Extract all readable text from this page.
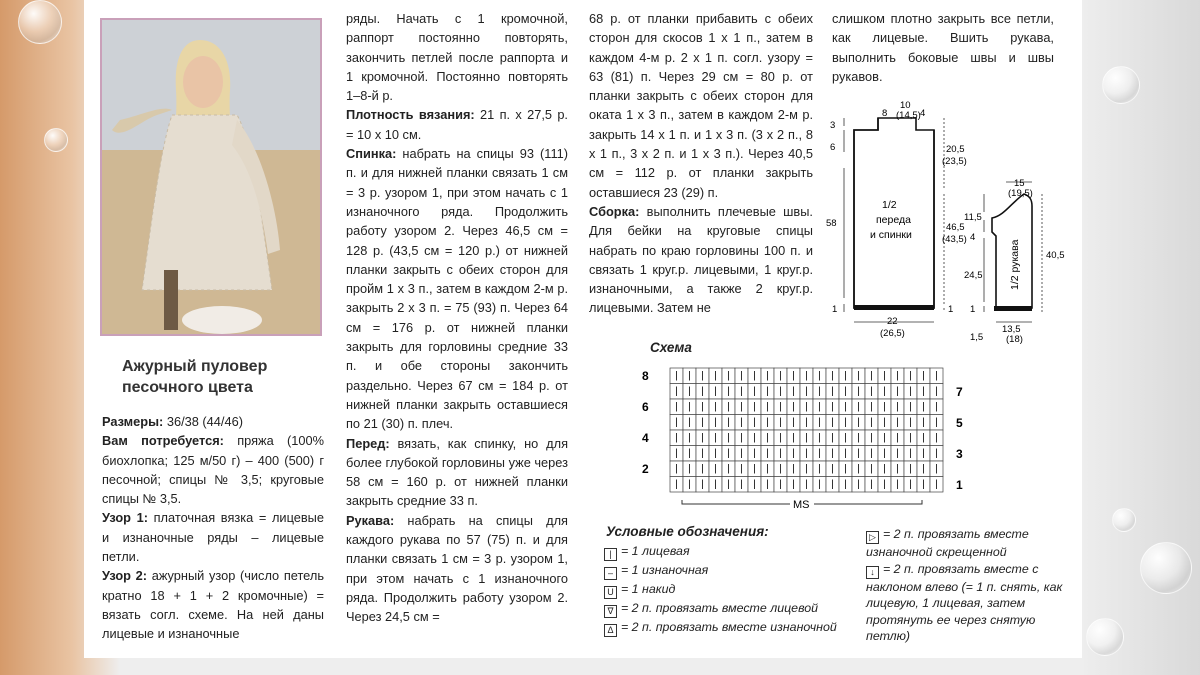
Ажурный пуловер
песочного цвета

Размеры: 36/38 (44/46)

Вам потребуется: пряжа (100% биохлопка; 125 м/50 г) – 400 (500) г песочной; спицы № 3,5; круговые спицы № 3,5.

Узор 1: платочная вязка = лицевые и изнаночные ряды – лицевые петли.

Узор 2: ажурный узор (число петель кратно 18 + 1 + 2 кромочные) = вязать согл. схеме. На ней даны лицевые и изнаночные

ряды. Начать с 1 кромочной, раппорт постоянно повторять, закончить петлей после раппорта и 1 кромочной. Постоянно повторять 1–8-й р.

Плотность вязания: 21 п. х 27,5 р. = 10 х 10 см.

Спинка: набрать на спицы 93 (111) п. и для нижней планки связать 1 см = 3 р. узором 1, при этом начать с 1 изнаночного ряда. Продолжить работу узором 2. Через 46,5 см = 128 р. (43,5 см = 120 р.) от нижней планки закрыть с обеих сторон для пройм 1 х 3 п., затем в каждом 2-м р. закрыть 2 х 3 п. = 75 (93) п. Через 64 см = 176 р. от нижней планки закрыть для горловины средние 33 п. и обе стороны закончить раздельно. Через 67 см = 184 р. от нижней планки закрыть оставшиеся по 21 (30) п. плеч.

Перед: вязать, как спинку, но для более глубокой горловины уже через 58 см = 160 р. от нижней планки закрыть средние 33 п.

Рукава: набрать на спицы для каждого рукава по 57 (75) п. и для планки связать 1 см = 3 р. узором 1, при этом начать с 1 изнаночного ряда. Продолжить работу узором 2. Через 24,5 см =

68 р. от планки прибавить с обеих сторон для скосов 1 х 1 п., затем в каждом 4-м р. 2 х 1 п. согл. узору = 63 (81) п. Через 29 см = 80 р. от планки закрыть с обеих сторон для оката 1 х 3 п., затем в каждом 2-м р. закрыть 14 х 1 п. и 1 х 3 п. (3 х 2 п., 8 х 1 п., 3 х 2 п. и 1 х 3 п.). Через 40,5 см = 112 р. от планки закрыть оставшиеся 23 (29) п.

Сборка: выполнить плечевые швы. Для бейки на круговые спицы набрать по краю горловины 100 п. и связать 1 круг.р. лицевыми, 1 круг.р. изнаночными, а также 2 круг.р. лицевыми. Затем не

слишком плотно закрыть все петли, как лицевые. Вшить рукава, выполнить боковые швы и швы рукавов.

Схема
8
6
4
2
7
5
3
1
MS
Условные обозначения:
| = 1 лицевая
– = 1 изнаночная
U = 1 накид
∇ = 2 п. провязать вместе лицевой
Δ = 2 п. провязать вместе изнаночной
▷ = 2 п. провязать вместе изнаночной скрещенной
↓ = 2 п. провязать вместе с наклоном влево (= 1 п. снять, как лицевую, 1 лицевая, затем протянуть ее через снятую петлю)
1/2
переда
и спинки
8
10
(14,5) 4
3
6
58
1
20,5
(23,5)
46,5
(43,5)
1
22
(26,5)
1/2 рукава
15
(19,5)
11,5
4
24,5
1
40,5
1,5
13,5
(18)
